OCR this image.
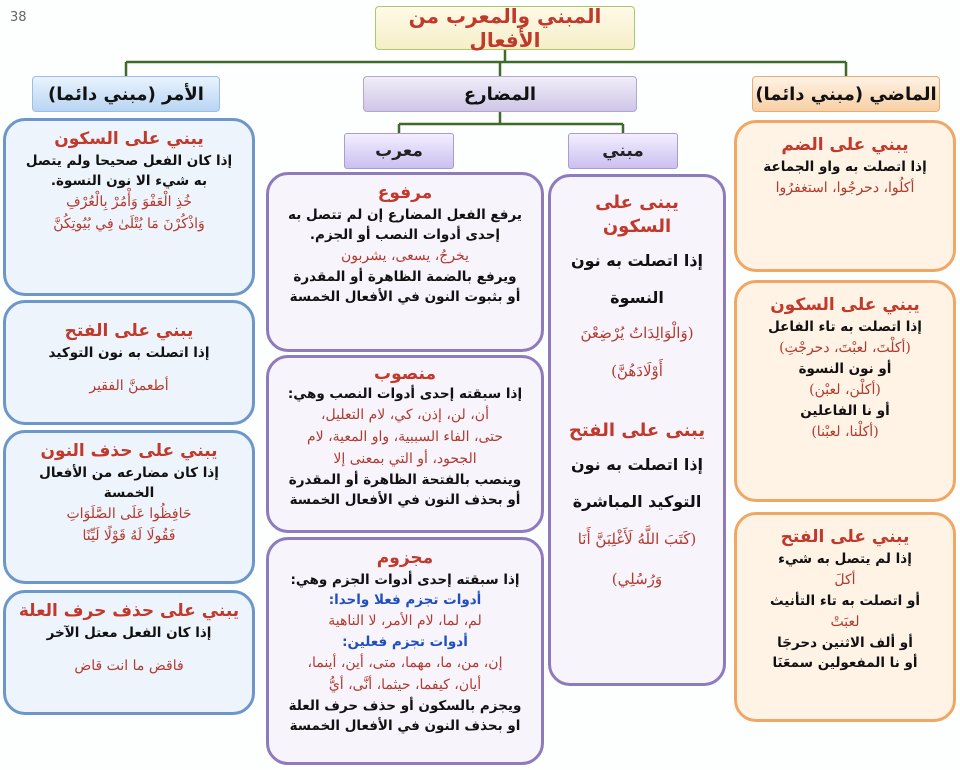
38	المبني والمعرب من الأفعال
الأمر (مبني دائما)	المضارع	الماضي (مبني دائما)
معرب	مبني
يبني على السكون
إذا كان الفعل صحيحا ولم يتصل
به شيء الا نون النسوة.
خُذِ الْعَفْوَ وَأْمُرْ بِالْعُرْفِ
وَاذْكُرْنَ مَا يُتْلَىٰ فِي بُيُوتِكُنَّ
يبني على الفتح
إذا اتصلت به نون التوكيد
أطعمنَّ الفقير
يبني على حذف النون
إذا كان مضارعه من الأفعال
الخمسة
حَافِظُوا عَلَى الصَّلَوَاتِ
فَقُولَا لَهُ قَوْلًا لَيِّنًا
يبني على حذف حرف العلة
إذا كان الفعل معتل الآخر
فاقض ما انت قاض
مرفوع
يرفع الفعل المضارع إن لم تتصل به
إحدى أدوات النصب أو الجزم.
يخرجُ، يسعى، يشربون
ويرفع بالضمة الظاهرة أو المقدرة
أو بثبوت النون في الأفعال الخمسة
منصوب
إذا سبقته إحدى أدوات النصب وهي:
أن، لن، إذن، كي، لام التعليل،
حتى، الفاء السببية، واو المعية، لام
الجحود، أو التي بمعنى إلا
وينصب بالفتحة الظاهرة أو المقدرة
أو بحذف النون في الأفعال الخمسة
مجزوم
إذا سبقته إحدى أدوات الجزم وهي:
أدوات تجزم فعلا واحدا:
لم، لما، لام الأمر، لا الناهية
أدوات تجزم فعلين:
إن، من، ما، مهما، متى، أين، أينما،
أيان، كيفما، حيثما، أنَّى، أيُّ
ويجزم بالسكون أو حذف حرف العلة
او بحذف النون في الأفعال الخمسة
يبنى على السكون
إذا اتصلت به نون
النسوة
(وَالْوَالِدَاتُ يُرْضِعْنَ
أَوْلَادَهُنَّ)
يبنى على الفتح
إذا اتصلت به نون
التوكيد المباشرة
(كَتَبَ اللَّهُ لَأَغْلِبَنَّ أَنَا
وَرُسُلِي)
يبني على الضم
إذا اتصلت به واو الجماعة
أكلُوا، دحرجُوا، استغفرُوا
يبني على السكون
إذا اتصلت به تاء الفاعل
(أكلْتَ، لعبْتَ، دحرجْتِ)
أو نون النسوة
(أكلْن، لعبْن)
أو نا الفاعلين
(أكلْنا، لعبْنا)
يبني على الفتح
إذا لم يتصل به شيء
أكلَ
أو اتصلت به تاء التأنيث
لعبَتْ
أو ألف الاثنين دحرجَا
أو نا المفعولين سمعَنَا
